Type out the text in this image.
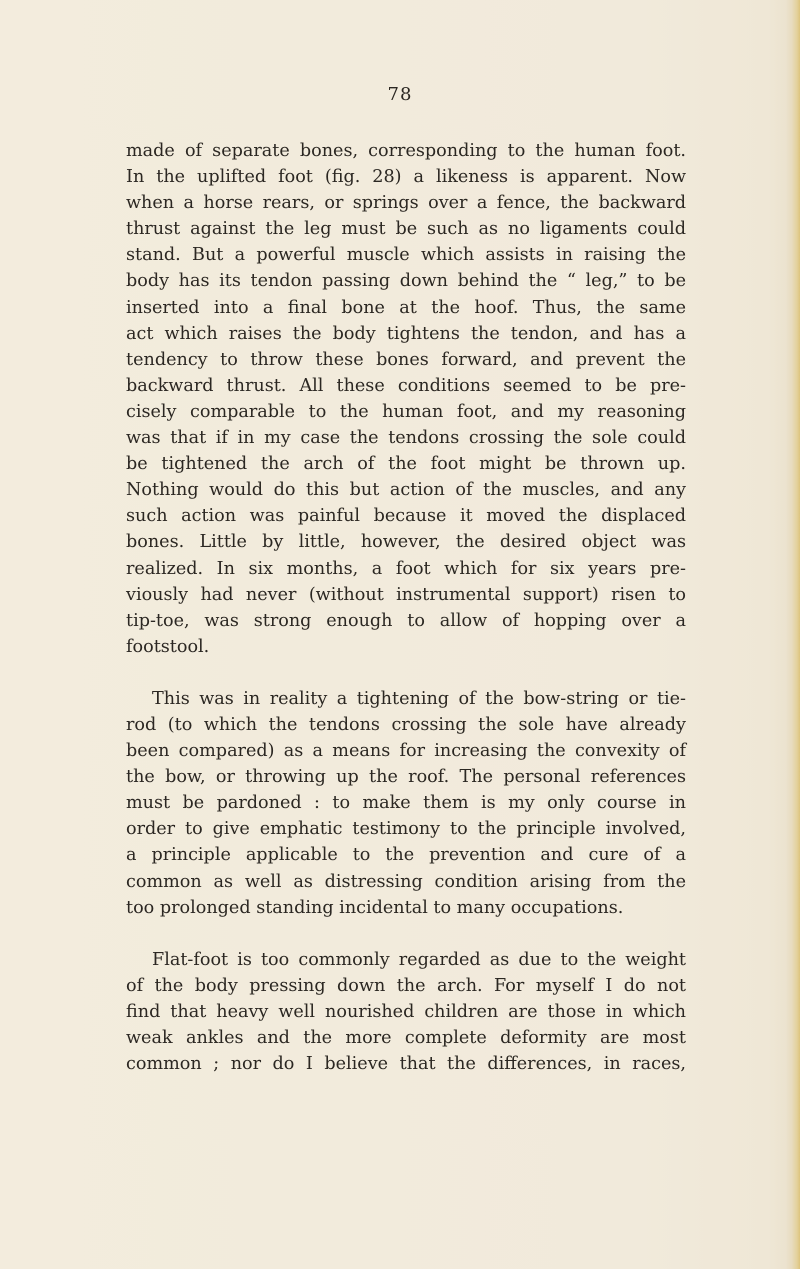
78

made of separate bones, corresponding to the human foot.
In the uplifted foot (fig. 28) a likeness is apparent. Now
when a horse rears, or springs over a fence, the backward
thrust against the leg must be such as no ligaments could
stand. But a powerful muscle which assists in raising the
body has its tendon passing down behind the “ leg,” to be
inserted into a final bone at the hoof. Thus, the same
act which raises the body tightens the tendon, and has a
tendency to throw these bones forward, and prevent the
backward thrust. All these conditions seemed to be pre-
cisely comparable to the human foot, and my reasoning
was that if in my case the tendons crossing the sole could
be tightened the arch of the foot might be thrown up.
Nothing would do this but action of the muscles, and any
such action was painful because it moved the displaced
bones. Little by little, however, the desired object was
realized. In six months, a foot which for six years pre-
viously had never (without instrumental support) risen to
tip-toe, was strong enough to allow of hopping over a
footstool.

This was in reality a tightening of the bow-string or tie-
rod (to which the tendons crossing the sole have already
been compared) as a means for increasing the convexity of
the bow, or throwing up the roof. The personal references
must be pardoned : to make them is my only course in
order to give emphatic testimony to the principle involved,
a principle applicable to the prevention and cure of a
common as well as distressing condition arising from the
too prolonged standing incidental to many occupations.

Flat-foot is too commonly regarded as due to the weight
of the body pressing down the arch. For myself I do not
find that heavy well nourished children are those in which
weak ankles and the more complete deformity are most
common ; nor do I believe that the differences, in races,
